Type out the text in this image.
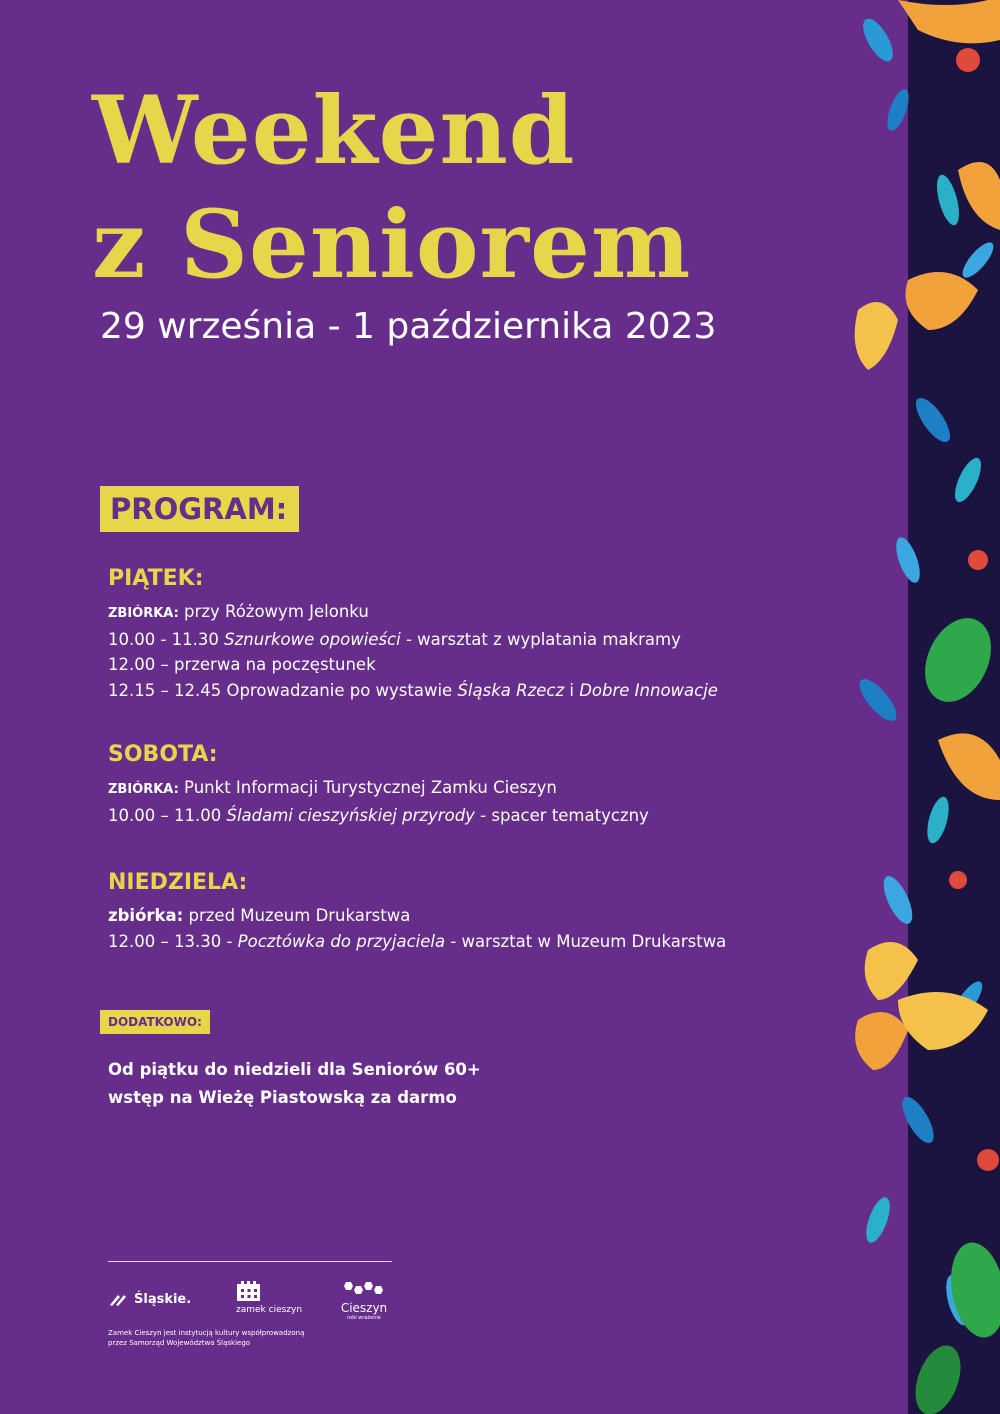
Weekend
z Seniorem
29 września - 1 października 2023
PROGRAM:
PIĄTEK:

ZBIÓRKA: przy Różowym Jelonku

10.00 - 11.30 Sznurkowe opowieści - warsztat z wyplatania makramy

12.00 – przerwa na poczęstunek

12.15 – 12.45 Oprowadzanie po wystawie Śląska Rzecz i Dobre Innowacje

SOBOTA:

ZBIÓRKA: Punkt Informacji Turystycznej Zamku Cieszyn

10.00 – 11.00 Śladami cieszyńskiej przyrody - spacer tematyczny

NIEDZIELA:

zbiórka: przed Muzeum Drukarstwa

12.00 – 13.30 - Pocztówka do przyjaciela - warsztat w Muzeum Drukarstwa

DODATKOWO:
Od piątku do niedzieli dla Seniorów 60+
wstęp na Wieżę Piastowską za darmo
Śląskie.
zamek cieszyn	Cieszyn
robi wrażenie
Zamek Cieszyn jest instytucją kultury współprowadzoną
przez Samorząd Województwa Śląskiego
